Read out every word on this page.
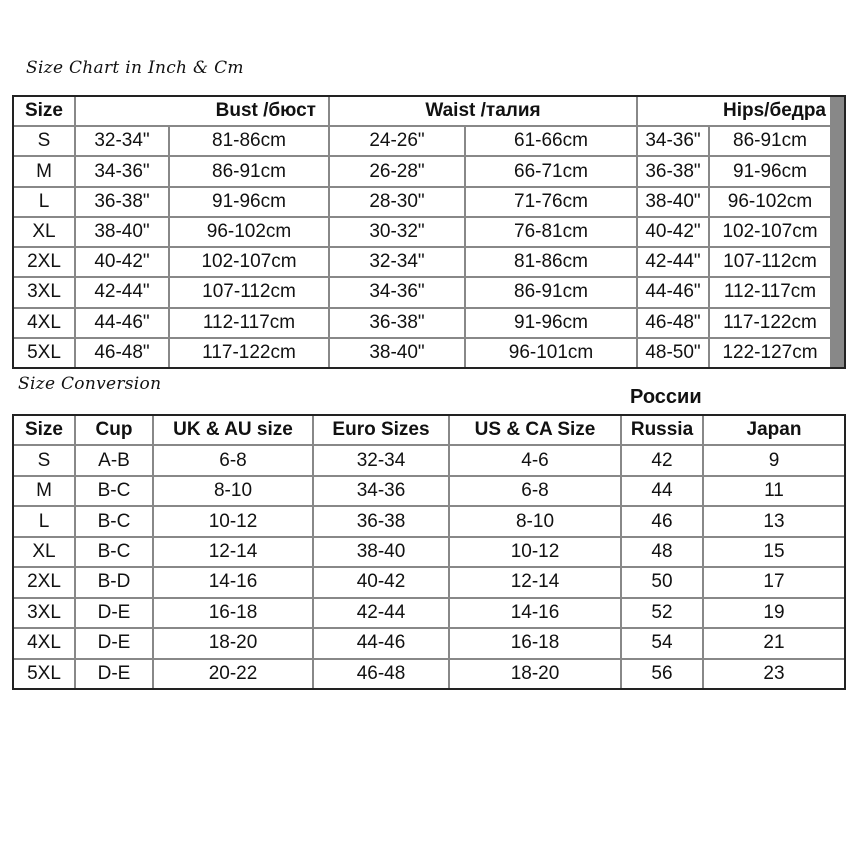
Size Chart in Inch & Cm
Size	Bust /бюст	Waist /талия	Hips/бедра
S	32-34"	81-86cm	24-26"	61-66cm	34-36"	86-91cm
M	34-36"	86-91cm	26-28"	66-71cm	36-38"	91-96cm
L	36-38"	91-96cm	28-30"	71-76cm	38-40"	96-102cm
XL	38-40"	96-102cm	30-32"	76-81cm	40-42"	102-107cm
2XL	40-42"	102-107cm	32-34"	81-86cm	42-44"	107-112cm
3XL	42-44"	107-112cm	34-36"	86-91cm	44-46"	112-117cm
4XL	44-46"	112-117cm	36-38"	91-96cm	46-48"	117-122cm
5XL	46-48"	117-122cm	38-40"	96-101cm	48-50"	122-127cm
Size Conversion
России
Size	Cup	UK & AU size	Euro Sizes	US & CA Size	Russia	Japan
S	A-B	6-8	32-34	4-6	42	9
M	B-C	8-10	34-36	6-8	44	11
L	B-C	10-12	36-38	8-10	46	13
XL	B-C	12-14	38-40	10-12	48	15
2XL	B-D	14-16	40-42	12-14	50	17
3XL	D-E	16-18	42-44	14-16	52	19
4XL	D-E	18-20	44-46	16-18	54	21
5XL	D-E	20-22	46-48	18-20	56	23
